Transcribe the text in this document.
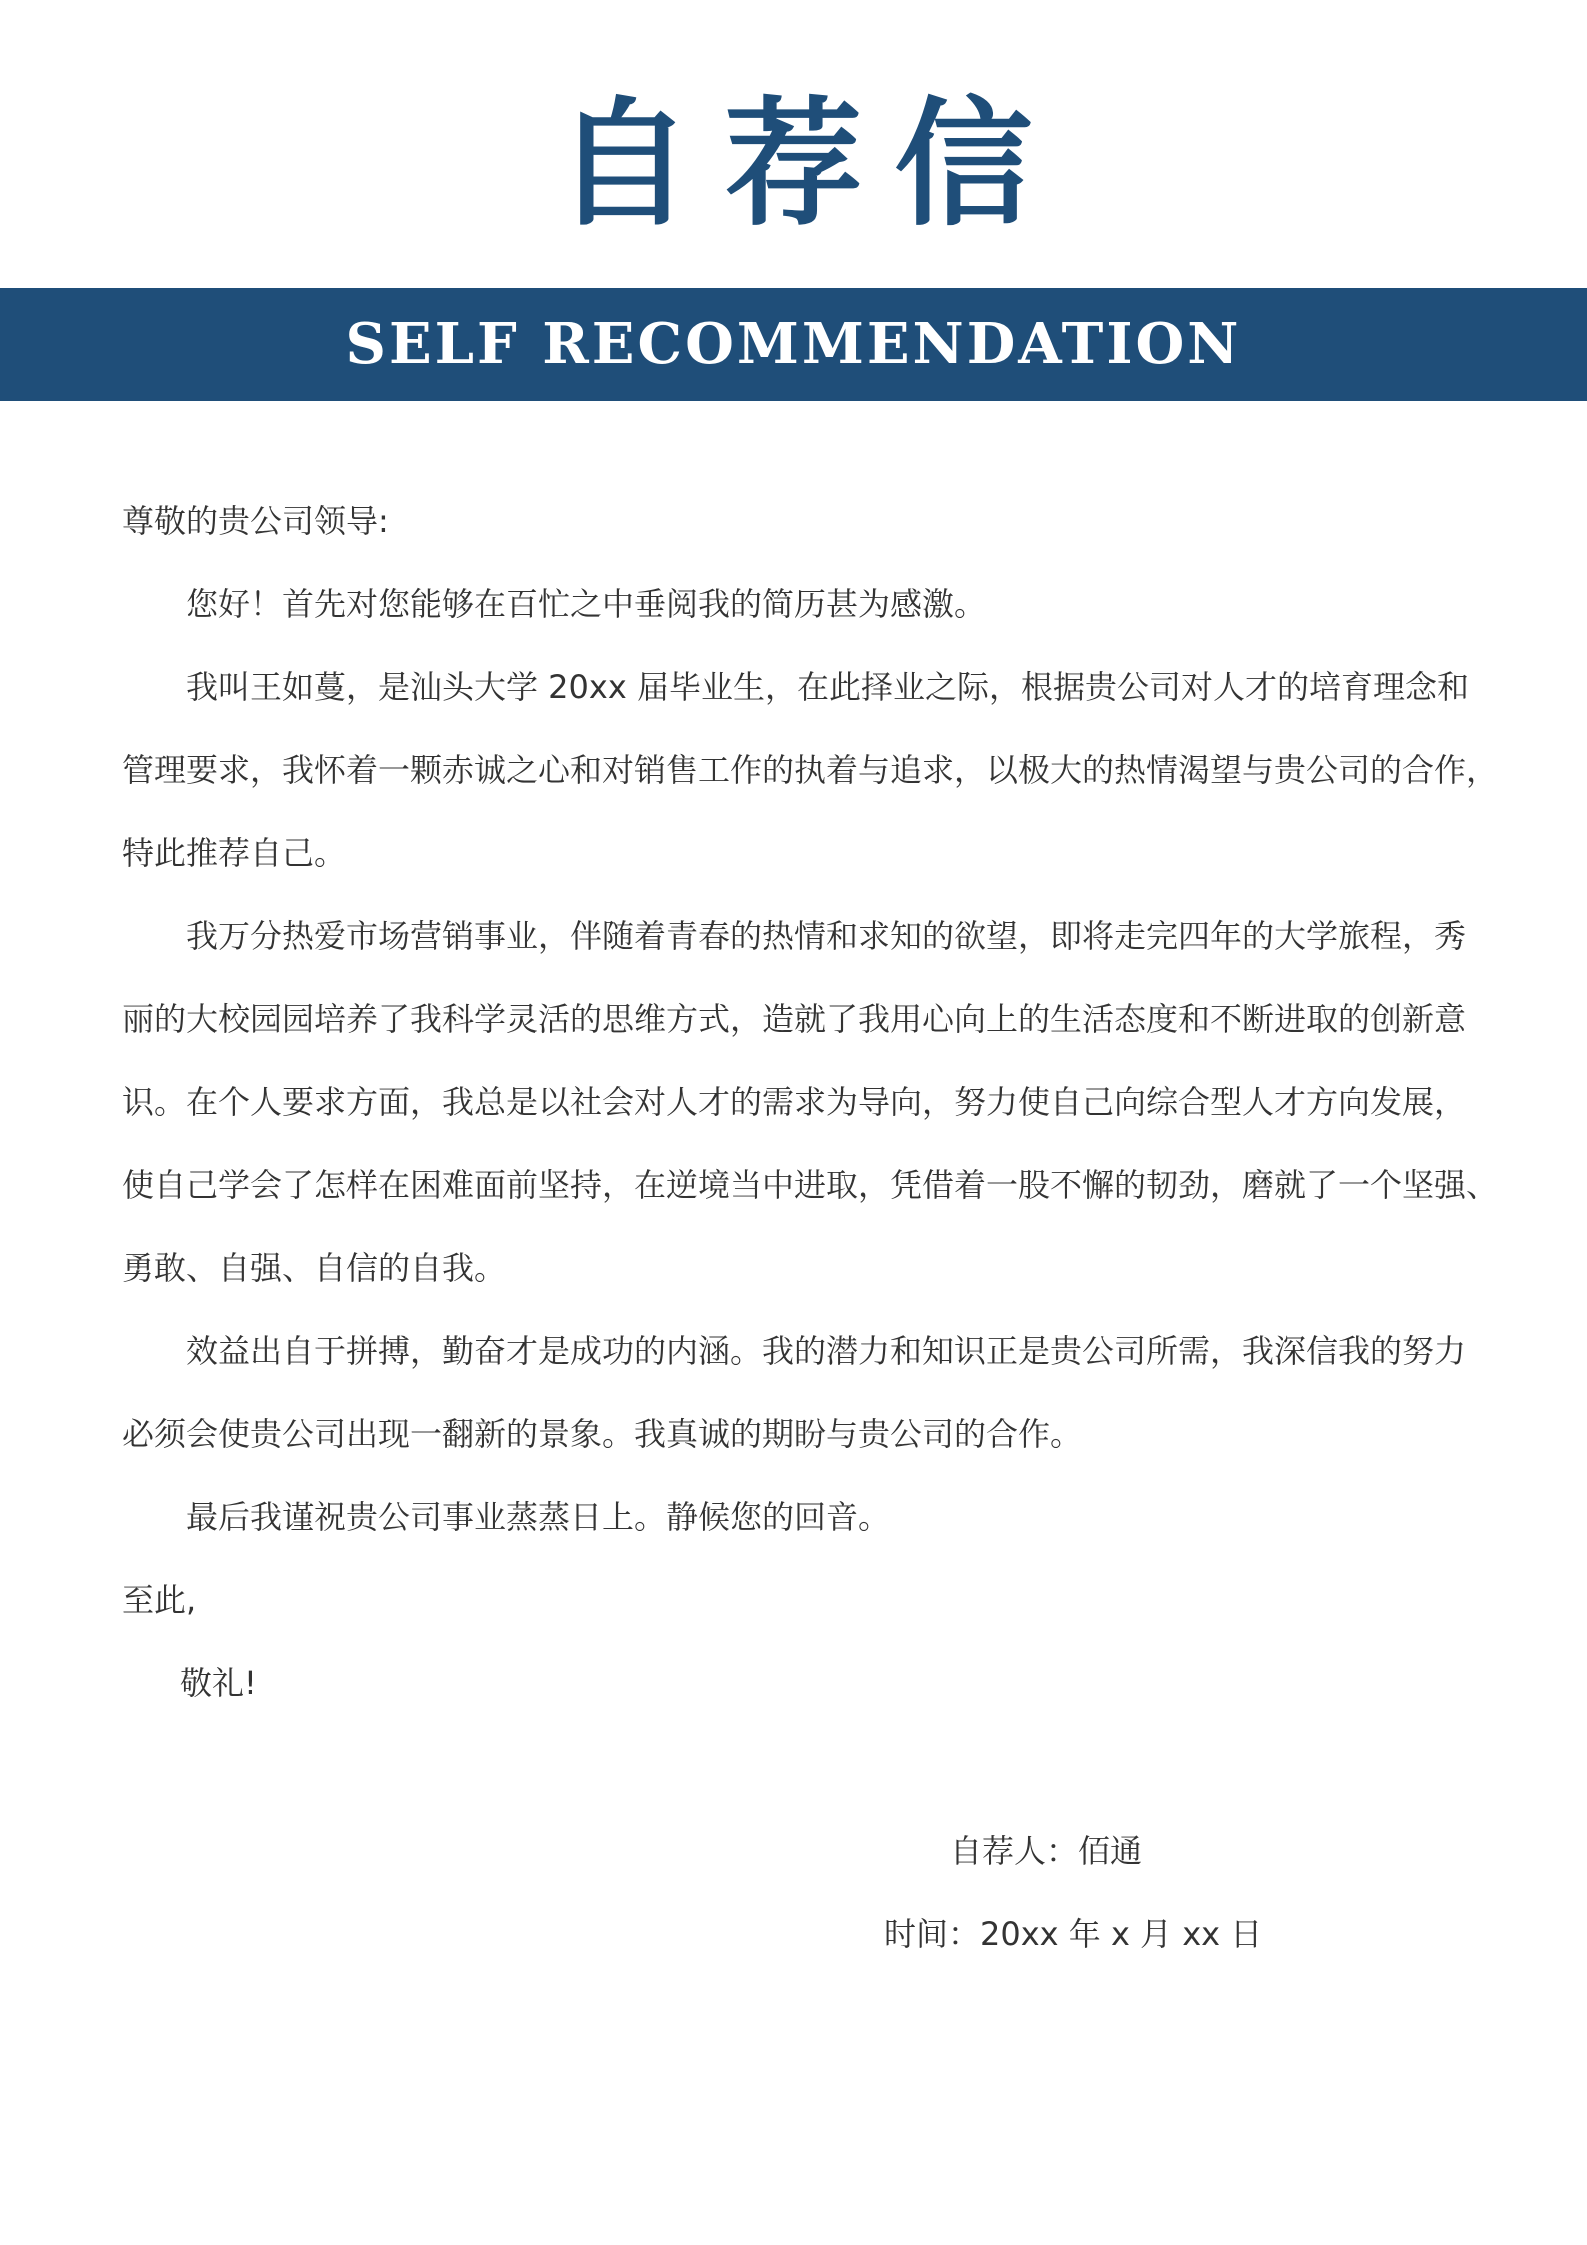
自荐信
SELF RECOMMENDATION

尊敬的贵公司领导:

您好！首先对您能够在百忙之中垂阅我的简历甚为感激。

我叫王如蔓，是汕头大学 20xx 届毕业生，在此择业之际，根据贵公司对人才的培育理念和

管理要求，我怀着一颗赤诚之心和对销售工作的执着与追求，以极大的热情渴望与贵公司的合作，

特此推荐自己。

我万分热爱市场营销事业，伴随着青春的热情和求知的欲望，即将走完四年的大学旅程，秀

丽的大校园园培养了我科学灵活的思维方式，造就了我用心向上的生活态度和不断进取的创新意

识。在个人要求方面，我总是以社会对人才的需求为导向，努力使自己向综合型人才方向发展，

使自己学会了怎样在困难面前坚持，在逆境当中进取，凭借着一股不懈的韧劲，磨就了一个坚强、

勇敢、自强、自信的自我。

效益出自于拼搏，勤奋才是成功的内涵。我的潜力和知识正是贵公司所需，我深信我的努力

必须会使贵公司出现一翻新的景象。我真诚的期盼与贵公司的合作。

最后我谨祝贵公司事业蒸蒸日上。静候您的回音。

至此,

敬礼!

自荐人：佰通
时间：20xx 年 x 月 xx 日
